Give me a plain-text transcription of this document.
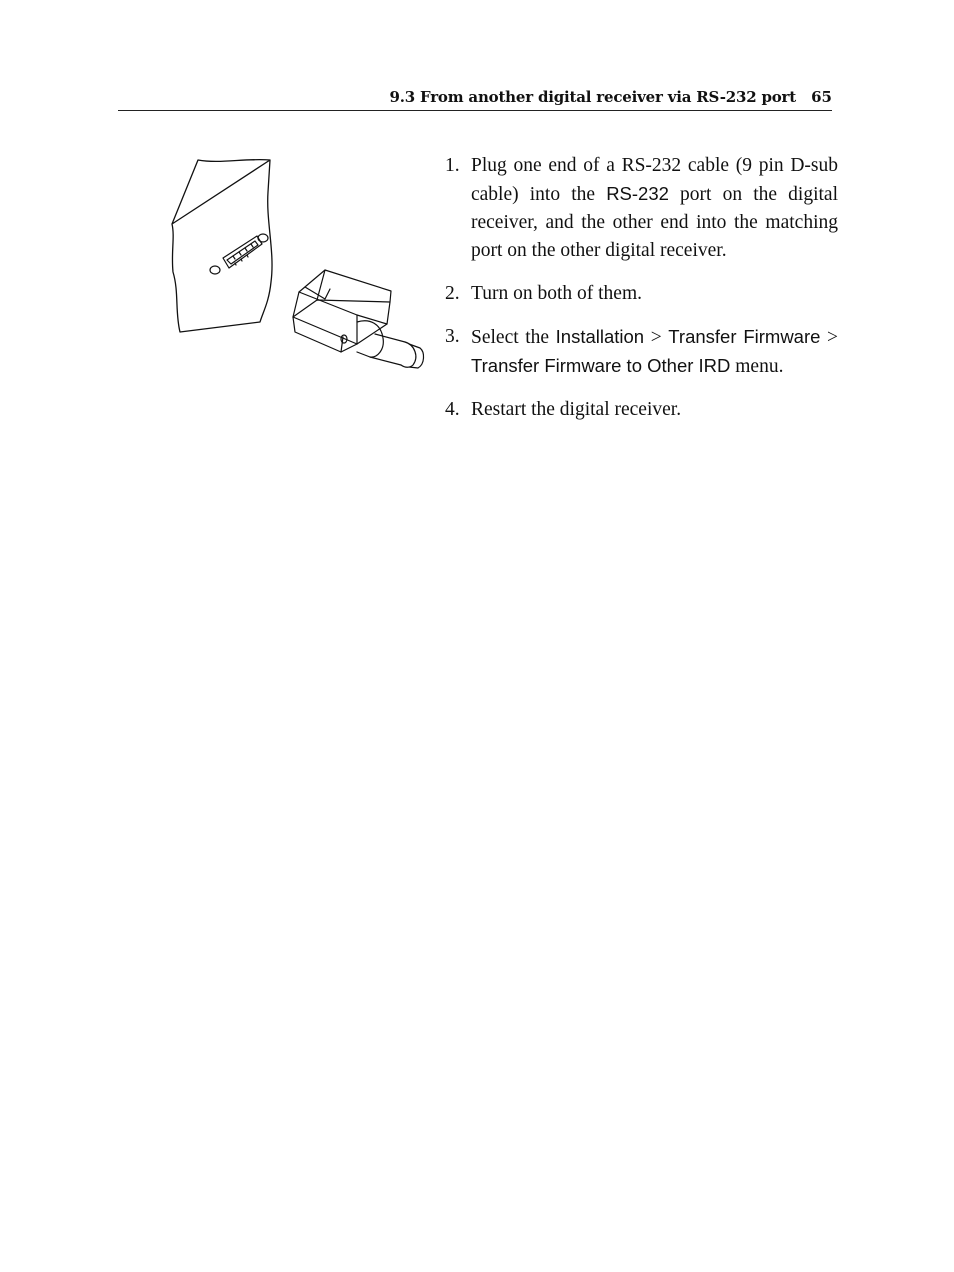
9.3 From another digital receiver via RS-232 port 65
1. Plug one end of a RS-232 cable (9 pin D-sub cable) into the RS-232 port on the digital receiver, and the other end into the matching port on the other digital receiver.
2. Turn on both of them.
3. Select the Installation > Transfer Firmware > Transfer Firmware to Other IRD menu.
4. Restart the digital receiver.
